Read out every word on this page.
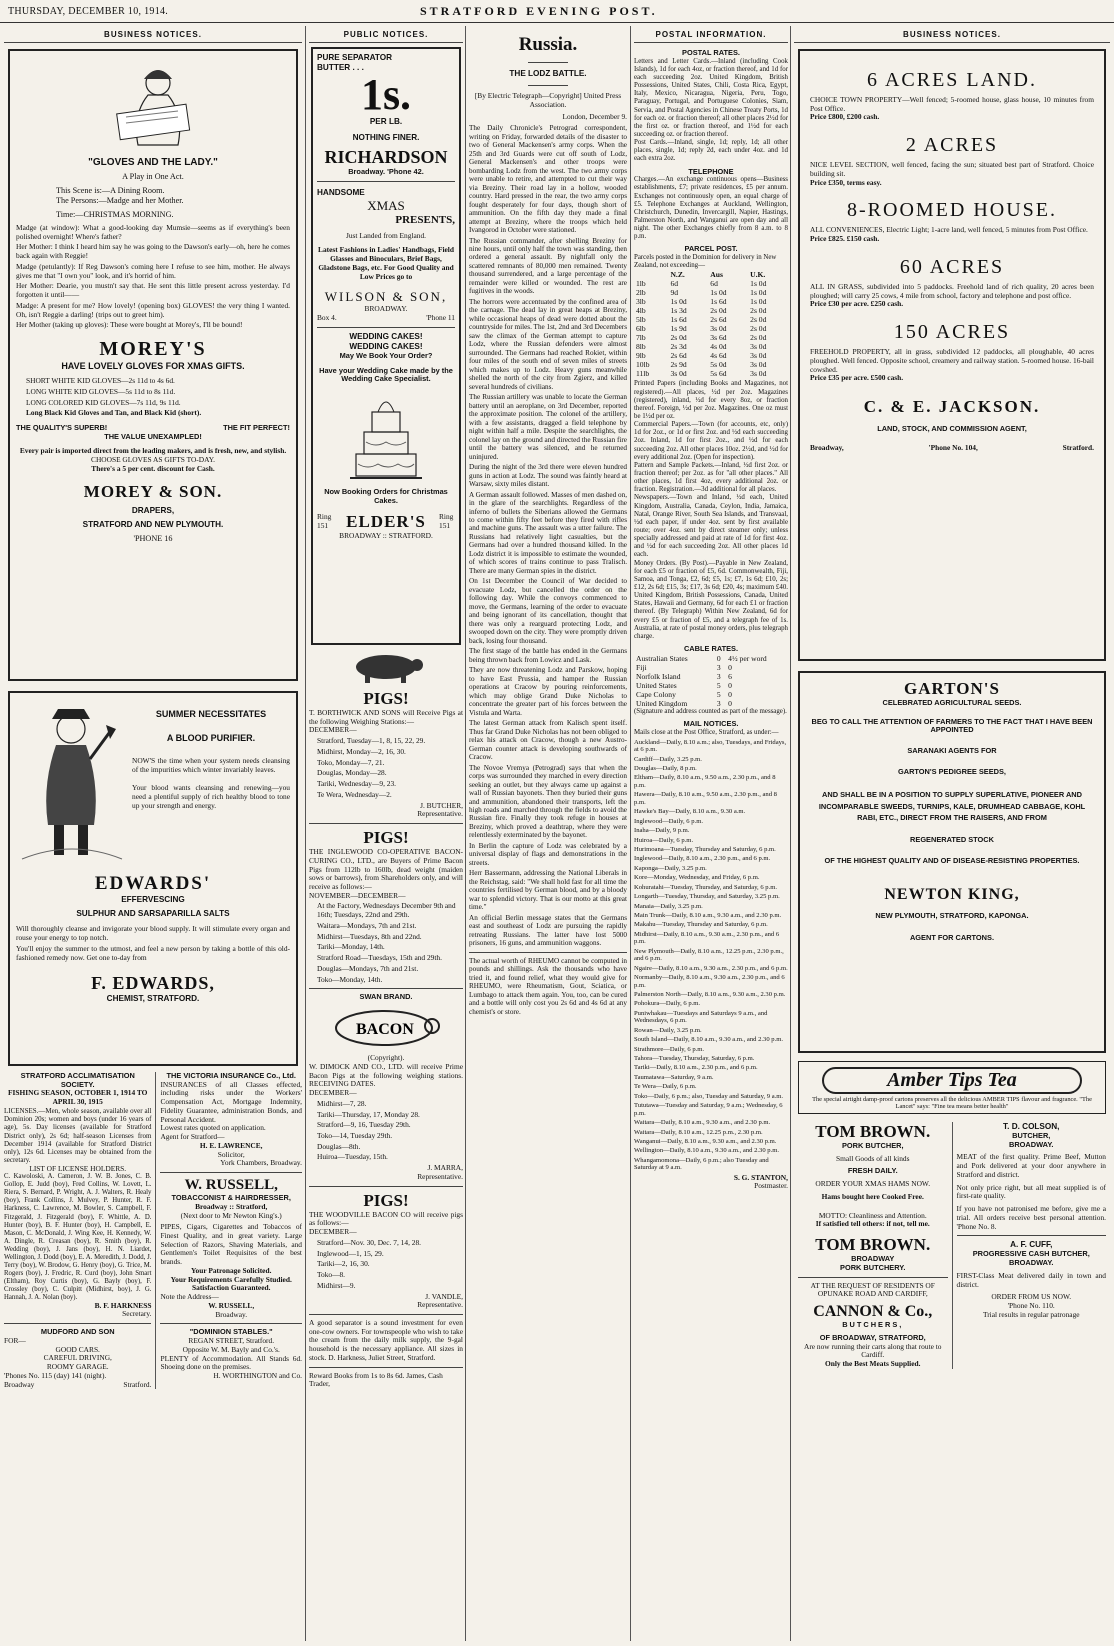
THURSDAY, DECEMBER 10, 1914.	STRATFORD EVENING POST.
BUSINESS NOTICES.
"GLOVES AND THE LADY."
A Play in One Act.
This Scene is:—A Dining Room.
The Persons:—Madge and her Mother.
Time:—CHRISTMAS MORNING.

Madge (at window): What a good-looking day Mumsie—seems as if everything's been polished overnight! Where's father?

Her Mother: I think I heard him say he was going to the Dawson's early—oh, here he comes back again with Reggie!

Madge (petulantly): If Reg Dawson's coming here I refuse to see him, mother. He always gives me that "I own you" look, and it's horrid of him.

Her Mother: Dearie, you mustn't say that. He sent this little present across yesterday. I'd forgotten it until——

Madge: A present for me? How lovely! (opening box) GLOVES! the very thing I wanted. Oh, isn't Reggie a darling! (trips out to greet him).

Her Mother (taking up gloves): These were bought at Morey's, I'll be bound!

MOREY'S
HAVE LOVELY GLOVES FOR XMAS GIFTS.

SHORT WHITE KID GLOVES—2s 11d to 4s 6d.

LONG WHITE KID GLOVES—5s 11d to 8s 11d.

LONG COLORED KID GLOVES—7s 11d, 9s 11d.

Long Black Kid Gloves and Tan, and Black Kid (short).

THE QUALITY'S SUPERB!	THE FIT PERFECT!
THE VALUE UNEXAMPLED!
Every pair is imported direct from the leading makers, and is fresh, new, and stylish.
CHOOSE GLOVES AS GIFTS TO-DAY.
There's a 5 per cent. discount for Cash.
MOREY & SON.
DRAPERS,
STRATFORD AND NEW PLYMOUTH.
'PHONE 16
SUMMER NECESSITATES
A BLOOD PURIFIER.
NOW'S the time when your system needs cleansing of the impurities which winter invariably leaves.
Your blood wants cleansing and renewing—you need a plentiful supply of rich healthy blood to tone up your strength and energy.
EDWARDS'
EFFERVESCING
SULPHUR AND SARSAPARILLA SALTS
Will thoroughly cleanse and invigorate your blood supply. It will stimulate every organ and rouse your energy to top notch.
You'll enjoy the summer to the utmost, and feel a new person by taking a bottle of this old-fashioned remedy now. Get one to-day from
F. EDWARDS,
CHEMIST, STRATFORD.
STRATFORD ACCLIMATISATION SOCIETY.
FISHING SEASON, OCTOBER 1, 1914 TO APRIL 30, 1915
LICENSES.—Men, whole season, available over all Dominion 20s; women and boys (under 16 years of age), 5s. Day licenses (available for Stratford District only), 2s 6d; half-season Licenses from December 1914 (available for Stratford District only), 12s 6d. Licenses may be obtained from the secretary.
LIST OF LICENSE HOLDERS.
C. Kawoloski, A. Cameron, J. W. B. Jones, C. B. Gollop, E. Judd (boy), Fred Collins, W. Lovett, L. Riera, S. Bernard, P. Wright, A. J. Walters, R. Healy (boy), Frank Collins, J. Mulvey, P. Hunter, R. F. Harkness, C. Lawrence, M. Bowler, S. Campbell, F. Fitzgerald, J. Fitzgerald (boy), F. Whittle, A. D. Hunter (boy), B. F. Hunter (boy), H. Campbell, E. Mason, C. McDonald, J. Wing Kee, H. Kennedy, W. A. Dingle, R. Creasan (boy), R. Smith (boy), R. Wedding (boy), J. Jans (boy), H. N. Liardet, Wellington, J. Dodd (boy), E. A. Meredith, J. Dodd, J. Terry (boy), W. Brodow, G. Henry (boy), G. Trice, M. Rogers (boy), J. Fredric, R. Curd (boy), John Smart (Eltham), Roy Curtis (boy), G. Bayly (boy), F. Crossley (boy), C. Culpitt (Midhirst, boy), J. G. Hannah, J. A. Nolan (boy).
B. F. HARKNESS
Secretary.
MUDFORD AND SON
FOR—
GOOD CARS.
CAREFUL DRIVING,
ROOMY GARAGE.
'Phones No. 115 (day) 141 (night).
Broadway	Stratford.
THE VICTORIA INSURANCE Co., Ltd.
INSURANCES of all Classes effected, including risks under the Workers' Compensation Act, Mortgage Indemnity, Fidelity Guarantee, administration Bonds, and Personal Accident.
Lowest rates quoted on application.
Agent for Stratford—
H. E. LAWRENCE,
Solicitor,
York Chambers, Broadway.
W. RUSSELL,
TOBACCONIST & HAIRDRESSER,
Broadway :: Stratford,
(Next door to Mr Newton King's.)
PIPES, Cigars, Cigarettes and Tobaccos of Finest Quality, and in great variety. Large Selection of Razors, Shaving Materials, and Gentlemen's Toilet Requisites of the best brands.
Your Patronage Solicited.
Your Requirements Carefully Studied.
Satisfaction Guaranteed.
Note the Address—
W. RUSSELL,
Broadway.
"DOMINION STABLES."
REGAN STREET, Stratford.
Opposite W. M. Bayly and Co.'s.
PLENTY of Accommodation. All Stands 6d. Shoeing done on the premises.
H. WORTHINGTON and Co.
PUBLIC NOTICES.
PURE SEPARATOR
BUTTER . . .
1s.
PER LB.
NOTHING FINER.
RICHARDSON
Broadway. 'Phone 42.
HANDSOME
XMAS
PRESENTS,
Just Landed from England.
Latest Fashions in Ladies' Handbags, Field Glasses and Binoculars, Brief Bags, Gladstone Bags, etc. For Good Quality and Low Prices go to
WILSON & SON,
BROADWAY.
Box 4.	'Phone 11
WEDDING CAKES!
WEDDING CAKES!
May We Book Your Order?
Have your Wedding Cake made by the Wedding Cake Specialist.
Now Booking Orders for Christmas Cakes.
Ring 151 ELDER'S Ring 151
BROADWAY :: STRATFORD.
PIGS!
T. BORTHWICK AND SONS will Receive Pigs at the following Weighing Stations:—
DECEMBER—

Stratford, Tuesday—1, 8, 15, 22, 29.

Midhirst, Monday—2, 16, 30.

Toko, Monday—7, 21.

Douglas, Monday—28.

Tariki, Wednesday—9, 23.

Te Wera, Wednesday—2.

J. BUTCHER,
Representative.
PIGS!
THE INGLEWOOD CO-OPERATIVE BACON-CURING CO., LTD., are Buyers of Prime Bacon Pigs from 112lb to 160lb, dead weight (maiden sows or barrows), from Shareholders only, and will receive as follows:—
NOVEMBER—DECEMBER—

At the Factory, Wednesdays December 9th and 16th; Tuesdays, 22nd and 29th.

Waitara—Mondays, 7th and 21st.

Midhirst—Tuesdays, 8th and 22nd.

Tariki—Monday, 14th.

Stratford Road—Tuesdays, 15th and 29th.

Douglas—Mondays, 7th and 21st.

Toko—Monday, 14th.

SWAN BRAND.
BACON
(Copyright).
W. DIMOCK AND CO., LTD. will receive Prime Bacon Pigs at the following weighing stations. RECEIVING DATES.
DECEMBER—

Midhirst—7, 28.

Tariki—Thursday, 17, Monday 28.

Stratford—9, 16, Tuesday 29th.

Toko—14, Tuesday 29th.

Douglas—8th.

Huiroa—Tuesday, 15th.

J. MARRA,
Representative.
PIGS!
THE WOODVILLE BACON CO will receive pigs as follows:—
DECEMBER—

Stratford—Nov. 30, Dec. 7, 14, 28.

Inglewood—1, 15, 29.

Tariki—2, 16, 30.

Toko—8.

Midhirst—9.

J. VANDLE,
Representative.
A good separator is a sound investment for even one-cow owners. For townspeople who wish to take the cream from the daily milk supply, the 9-gal household is the necessary appliance. All sizes in stock. D. Harkness, Juliet Street, Stratford.
Reward Books from 1s to 8s 6d. James, Cash Trader,
Russia.
THE LODZ BATTLE.
[By Electric Telegraph—Copyright] United Press Association.
London, December 9.

The Daily Chronicle's Petrograd correspondent, writing on Friday, forwarded details of the disaster to two of General Mackensen's army corps. When the 25th and 3rd Guards were cut off south of Lodz, General Mackensen's and other troops were bombarding Lodz from the west. The two army corps were unable to retire, and attempted to cut their way via Breziny. Their road lay in a hollow, wooded country. Hard pressed in the rear, the two army corps fought desperately for four days, though short of ammunition. On the fifth day they made a final attempt at Breziny, where the troops which held Ivangorod in October were stationed.

The Russian commander, after shelling Breziny for nine hours, until only half the town was standing, then ordered a general assault. By nightfall only the scattered remnants of 80,000 men remained. Twenty thousand surrendered, and a large percentage of the remainder were killed or wounded. The rest are fugitives in the woods.

The horrors were accentuated by the confined area of the carnage. The dead lay in great heaps at Breziny, while occasional heaps of dead were dotted about the countryside for miles. The 1st, 2nd and 3rd Decembers saw the climax of the German attempt to capture Lodz, where the Russian defenders were almost surrounded. The Germans had reached Rokiet, within four miles of the south end of seven miles of streets which makes up to Lodz. Heavy guns meanwhile shelled the north of the city from Zgierz, and killed several hundreds of civilians.

The Russian artillery was unable to locate the German battery until an aeroplane, on 3rd December, reported the approximate position. The colonel of the artillery, with a few assistants, dragged a field telephone by night within half a mile. Despite the searchlights, the colonel lay on the ground and directed the Russian fire until the battery was silenced, and he returned uninjured.

During the night of the 3rd there were eleven hundred guns in action at Lodz. The sound was faintly heard at Warsaw, sixty miles distant.

A German assault followed. Masses of men dashed on, in the glare of the searchlights. Regardless of the inferno of bullets the Siberians allowed the Germans to come within fifty feet before they fired with rifles and machine guns. The assault was a utter failure. The Russians had relatively light casualties, but the Germans had over a hundred thousand killed. In the Lodz district it is impossible to estimate the wounded, of which scores of trains continue to pass Tralisch. There are many German spies in the district.

On 1st December the Council of War decided to evacuate Lodz, but cancelled the order on the following day. While the convoys commenced to move, the Germans, learning of the order to evacuate and being ignorant of its cancellation, thought that there was only a rearguard protecting Lodz, and swooped down on the city. They were promptly driven back, losing four thousand.

The first stage of the battle has ended in the Germans being thrown back from Lowicz and Lask.

They are now threatening Lodz and Parskow, hoping to have East Prussia, and hamper the Russian operations at Cracow by pouring reinforcements, which may oblige Grand Duke Nicholas to concentrate the greater part of his forces between the Vistula and Warta.

The latest German attack from Kalisch spent itself. Thus far Grand Duke Nicholas has not been obliged to relax his attack on Cracow, though a new Austro-German counter attack is developing southwards of Cracow.

The Novoe Vremya (Petrograd) says that when the corps was surrounded they marched in every direction seeking an outlet, but they always came up against a wall of Russian bayonets. Then they buried their guns and ammunition, abandoned their transports, left the high roads and marched through the fields to avoid the Russian fire. Finally they took refuge in houses at Breziny, which proved a deathtrap, where they were relentlessly exterminated by the bayonet.

In Berlin the capture of Lodz was celebrated by a universal display of flags and demonstrations in the streets.

Herr Bassermann, addressing the National Liberals in the Reichstag, said: "We shall hold fast for all time the countries fertilised by German blood, and by a bloody war to splendid victory. That is our motto at this great time."

An official Berlin message states that the Germans east and southeast of Lodz are pursuing the rapidly retreating Russians. The latter have lost 5000 prisoners, 16 guns, and ammunition waggons.

The actual worth of RHEUMO cannot be computed in pounds and shillings. Ask the thousands who have tried it, and found relief, what they would give for RHEUMO, were Rheumatism, Gout, Sciatica, or Lumbago to attack them again. You, too, can be cured and a bottle will only cost you 2s 6d and 4s 6d at any chemist's or store.
POSTAL INFORMATION.
POSTAL RATES.
Letters and Letter Cards.—Inland (including Cook Islands), 1d for each 4oz, or fraction thereof, and 1d for each succeeding 2oz. United Kingdom, British Possessions, United States, Chili, Costa Rica, Egypt, Italy, Mexico, Nicaragua, Nigeria, Peru, Togo, Paraguay, Portugal, and Portuguese Colonies, Siam, Servia, and Postal Agencies in Chinese Treaty Ports, 1d for each oz. or fraction thereof; all other places 2½d for the first oz. or fraction thereof, and 1½d for each succeeding oz. or fraction thereof.
Post Cards.—Inland, single, 1d; reply, 1d; all other places, single, 1d; reply 2d, each under 4oz. and 1d each extra 2oz.
TELEPHONE
Charges.—An exchange continuous opens—Business establishments, £7; private residences, £5 per annum. Exchanges not continuously open, an equal charge of £5. Telephone Exchanges at Auckland, Wellington, Christchurch, Dunedin, Invercargill, Napier, Hastings, Palmerston North, and Wanganui are open day and all night. The other Exchanges chiefly from 8 a.m. to 8 p.m.
PARCEL POST.
Parcels posted in the Dominion for delivery in New Zealand, not exceeding—
	N.Z.	Aus	U.K.
1lb	6d	6d	1s 0d
2lb	9d	1s 0d	1s 0d
3lb	1s 0d	1s 6d	1s 0d
4lb	1s 3d	2s 0d	2s 0d
5lb	1s 6d	2s 6d	2s 0d
6lb	1s 9d	3s 0d	2s 0d
7lb	2s 0d	3s 6d	2s 0d
8lb	2s 3d	4s 0d	3s 0d
9lb	2s 6d	4s 6d	3s 0d
10lb	2s 9d	5s 0d	3s 0d
11lb	3s 0d	5s 6d	3s 0d
Printed Papers (including Books and Magazines, not registered).—All places, ½d per 2oz. Magazines (registered), inland, ½d for every 8oz, or fraction thereof. Foreign, ½d per 2oz. Magazines. One oz must be 1½d per oz.
Commercial Papers.—Town (for accounts, etc, only) 1d for 2oz., or 1d or first 2oz. and ½d each succeeding 2oz. Inland, 1d for first 2oz., and ½d for each succeeding 2oz. All other places 10oz. 2½d, and ½d for every additional 2oz. (Open for inspection).
Pattern and Sample Packets.—Inland, ½d first 2oz. or fraction thereof; per 2oz. as for "all other places." All other places, 1d first 4oz, every additional 2oz. or fraction. Registration.—3d additional for all places.
Newspapers.—Town and Inland, ½d each, United Kingdom, Australia, Canada, Ceylon, India, Jamaica, Natal, Orange River, South Sea Islands, and Transvaal, ½d each paper, if under 4oz. sent by first available route; over 4oz. sent by direct steamer only; unless specially addressed and paid at rate of 1d for first 4oz. and ½d for each succeeding 2oz. All other places 1d each.
Money Orders. (By Post).—Payable in New Zealand, for each £5 or fraction of £5, 6d. Commonwealth, Fiji, Samoa, and Tonga, £2, 6d; £5, 1s; £7, 1s 6d; £10, 2s; £12, 2s 6d; £15, 3s; £17, 3s 6d; £20, 4s; maximum £40. United Kingdom, British Possessions, Canada, United States, Hawaii and Germany, 6d for each £1 or fraction thereof. (By Telegraph) Within New Zealand, 6d for every £5 or fraction of £5, and a telegraph fee of 1s. Australia, at rate of postal money orders, plus telegraph charge.
CABLE RATES.
Australian States	0	4½ per word
Fiji	3	0
Norfolk Island	3	6
United States	5	0
Cape Colony	5	0
United Kingdom	3	0
(Signature and address counted as part of the message).
MAIL NOTICES.
Mails close at the Post Office, Stratford, as under:—

Auckland—Daily, 8.10 a.m.; also, Tuesdays, and Fridays, at 6 p.m.

Cardiff—Daily, 3.25 p.m.

Douglas—Daily, 8 p.m.

Eltham—Daily, 8.10 a.m., 9.50 a.m., 2.30 p.m., and 8 p.m.

Hawera—Daily, 8.10 a.m., 9.50 a.m., 2.30 p.m., and 8 p.m.

Hawke's Bay—Daily, 8.10 a.m., 9.30 a.m.

Inglewood—Daily, 6 p.m.

Inaha—Daily, 9 p.m.

Huiroa—Daily, 6 p.m.

Hurimoana—Tuesday, Thursday and Saturday, 6 p.m.

Inglewood—Daily, 8.10 a.m., 2.30 p.m., and 6 p.m.

Kaponga—Daily, 3.25 p.m.

Kore—Monday, Wednesday, and Friday, 6 p.m.

Kohuratahi—Tuesday, Thursday, and Saturday, 6 p.m.

Longarth—Tuesday, Thursday, and Saturday, 3.25 p.m.

Manaia—Daily, 3.25 p.m.

Main Trunk—Daily, 8.10 a.m., 9.30 a.m., and 2.30 p.m.

Makahu—Tuesday, Thursday and Saturday, 6 p.m.

Midhirst—Daily, 8.10 a.m., 9.30 a.m., 2.30 p.m., and 6 p.m.

New Plymouth—Daily, 8.10 a.m., 12.25 p.m., 2.30 p.m., and 6 p.m.

Ngaire—Daily, 8.10 a.m., 9.30 a.m., 2.30 p.m., and 6 p.m.

Normanby—Daily, 8.10 a.m., 9.30 a.m., 2.30 p.m., and 6 p.m.

Palmerston North—Daily, 8.10 a.m., 9.30 a.m., 2.30 p.m.

Pohokura—Daily, 6 p.m.

Puniwhakau—Tuesdays and Saturdays 9 a.m., and Wednesdays, 6 p.m.

Rowan—Daily, 3.25 p.m.

South Island—Daily, 8.10 a.m., 9.30 a.m., and 2.30 p.m.

Strathmore—Daily, 6 p.m.

Tahora—Tuesday, Thursday, Saturday, 6 p.m.

Tariki—Daily, 8.10 a.m., 2.30 p.m., and 6 p.m.

Taumatawa—Saturday, 9 a.m.

Te Wera—Daily, 6 p.m.

Toko—Daily, 6 p.m.; also, Tuesday and Saturday, 9 a.m.

Tututawa—Tuesday and Saturday, 9 a.m.; Wednesday, 6 p.m.

Waitara—Daily, 8.10 a.m., 9.30 a.m., and 2.30 p.m.

Waitara—Daily, 8.10 a.m., 12.25 p.m., 2.30 p.m.

Wanganui—Daily, 8.10 a.m., 9.30 a.m., and 2.30 p.m.

Wellington—Daily, 8.10 a.m., 9.30 a.m., and 2.30 p.m.

Whangamomona—Daily, 6 p.m.; also Tuesday and Saturday at 9 a.m.

S. G. STANTON,
Postmaster.
BUSINESS NOTICES.
6 ACRES LAND.
CHOICE TOWN PROPERTY—Well fenced; 5-roomed house, glass house, 10 minutes from Post Office.
Price £800, £200 cash.
2 ACRES
NICE LEVEL SECTION, well fenced, facing the sun; situated best part of Stratford. Choice building sit.
Price £350, terms easy.
8-ROOMED HOUSE.
ALL CONVENIENCES, Electric Light; 1-acre land, well fenced, 5 minutes from Post Office.
Price £825. £150 cash.
60 ACRES
ALL IN GRASS, subdivided into 5 paddocks. Freehold land of rich quality, 20 acres been ploughed; will carry 25 cows, 4 mile from school, factory and telephone and post office.
Price £30 per acre. £250 cash.
150 ACRES
FREEHOLD PROPERTY, all in grass, subdivided 12 paddocks, all ploughable, 40 acres ploughed. Well fenced. Opposite school, creamery and railway station. 5-roomed house. 16-bail cowshed.
Price £35 per acre. £500 cash.
C. & E. JACKSON.
LAND, STOCK, AND COMMISSION AGENT,
Broadway,	'Phone No. 104,	Stratford.
GARTON'S
CELEBRATED AGRICULTURAL SEEDS.
BEG TO CALL THE ATTENTION OF FARMERS TO THE FACT THAT I HAVE BEEN APPOINTED
SARANAKI AGENTS FOR
GARTON'S PEDIGREE SEEDS,
AND SHALL BE IN A POSITION TO SUPPLY SUPERLATIVE, PIONEER AND INCOMPARABLE SWEEDS, TURNIPS, KALE, DRUMHEAD CABBAGE, KOHL RABI, ETC., DIRECT FROM THE RAISERS, AND FROM
REGENERATED STOCK
OF THE HIGHEST QUALITY AND OF DISEASE-RESISTING PROPERTIES.
NEWTON KING,
NEW PLYMOUTH, STRATFORD, KAPONGA.
AGENT FOR CARTONS.
Amber Tips Tea
The special airtight damp-proof cartons preserves all the delicious AMBER TIPS flavour and fragrance. "The Lancet" says: "Fine tea means better health"
TOM BROWN.
PORK BUTCHER,
Small Goods of all kinds
FRESH DAILY.
ORDER YOUR XMAS HAMS NOW.
Hams bought here Cooked Free.
MOTTO: Cleanliness and Attention.
If satisfied tell others: if not, tell me.
TOM BROWN.
BROADWAY
PORK BUTCHERY.
AT THE REQUEST OF RESIDENTS OF OPUNAKE ROAD AND CARDIFF,
CANNON & Co.,
BUTCHERS,
OF BROADWAY, STRATFORD,
Are now running their carts along that route to Cardiff.
Only the Best Meats Supplied.
T. D. COLSON,
BUTCHER,
BROADWAY.
MEAT of the first quality. Prime Beef, Mutton and Pork delivered at your door anywhere in Stratford and district.
Not only price right, but all meat supplied is of first-rate quality.
If you have not patronised me before, give me a trial. All orders receive best personal attention. 'Phone No. 8.
A. F. CUFF,
PROGRESSIVE CASH BUTCHER,
BROADWAY.
FIRST-Class Meat delivered daily in town and district.
ORDER FROM US NOW.
'Phone No. 110.
Trial results in regular patronage
